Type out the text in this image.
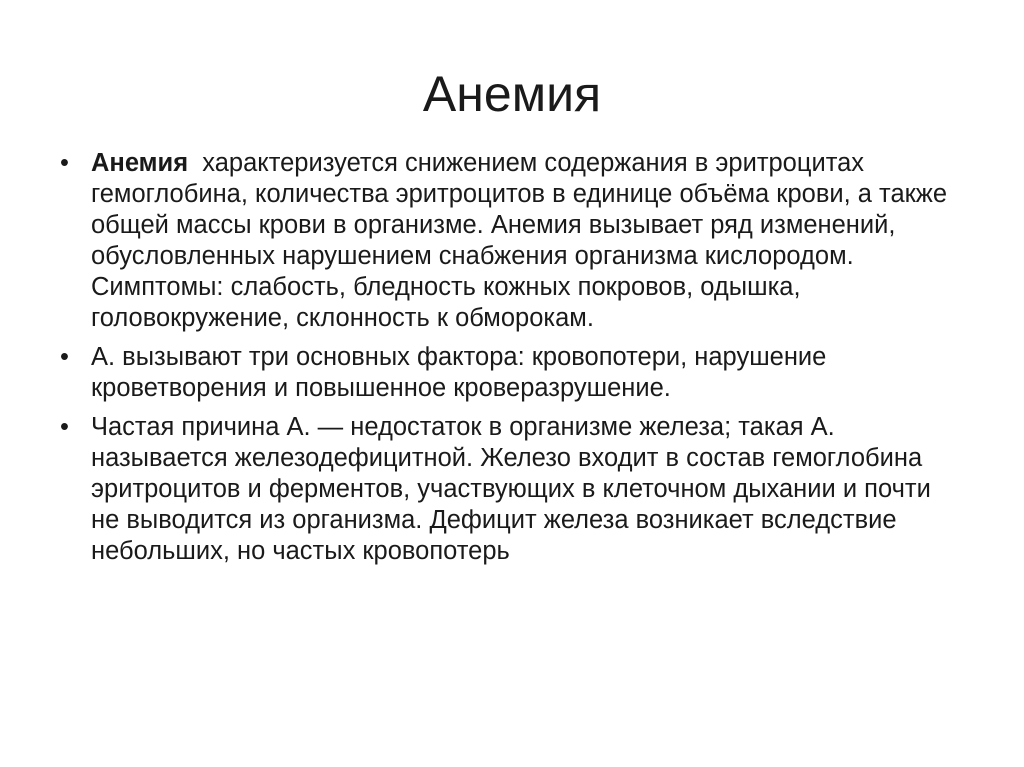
Анемия
• Анемия  характеризуется снижением содержания в эритроцитах гемоглобина, количества эритроцитов в единице объёма крови, а также общей массы крови в организме. Анемия вызывает ряд изменений, обусловленных нарушением снабжения организма кислородом. Симптомы: слабость, бледность кожных покровов, одышка, головокружение, склонность к обморокам.
• А. вызывают три основных фактора: кровопотери, нарушение кроветворения и повышенное кроверазрушение.
• Частая причина А. — недостаток в организме железа; такая А. называется железодефицитной. Железо входит в состав гемоглобина эритроцитов и ферментов, участвующих в клеточном дыхании и почти не выводится из организма. Дефицит железа возникает вследствие небольших, но частых кровопотерь
